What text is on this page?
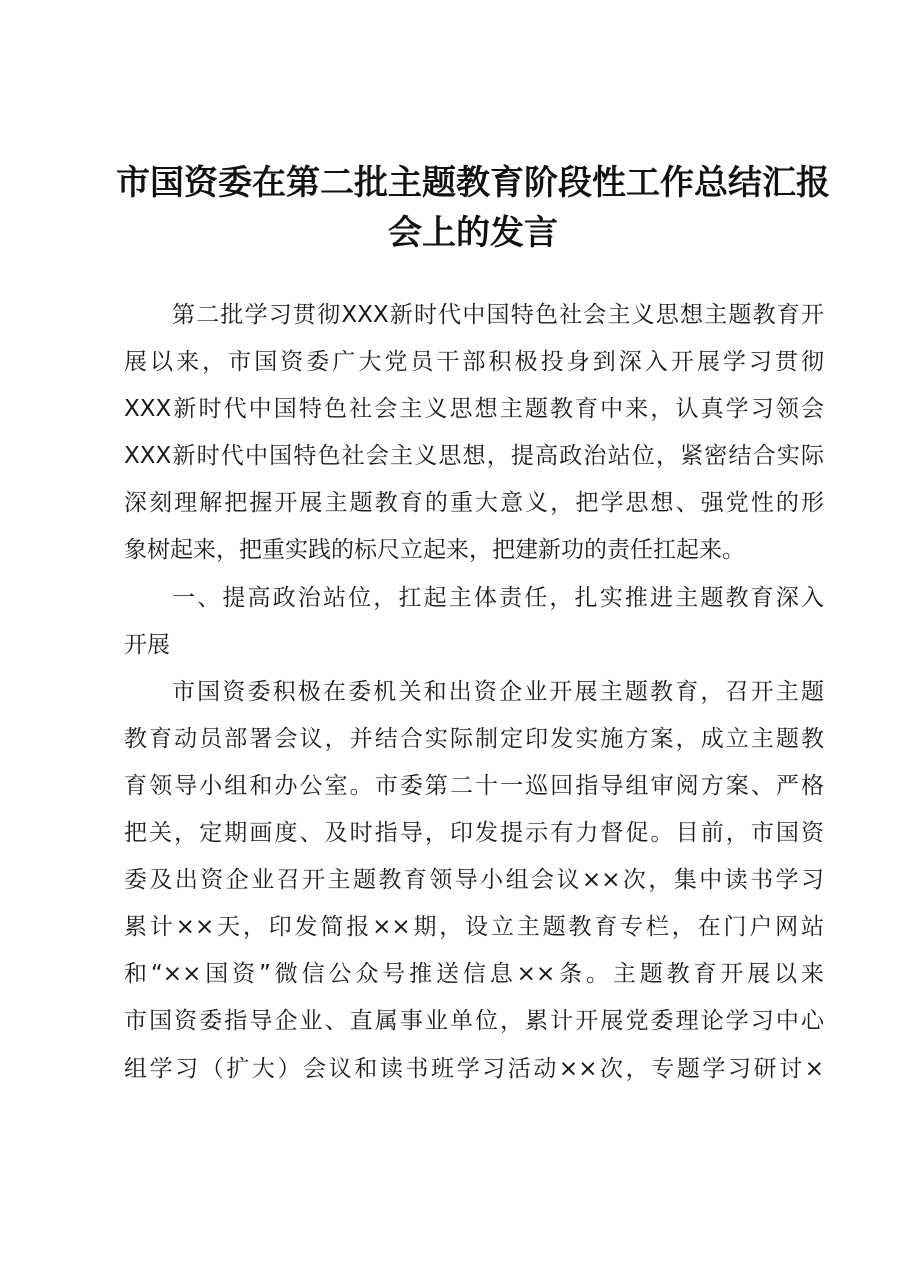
市国资委在第二批主题教育阶段性工作总结汇报
会上的发言
第二批学习贯彻XXX新时代中国特色社会主义思想主题教育开
展以来，市国资委广大党员干部积极投身到深入开展学习贯彻
XXX新时代中国特色社会主义思想主题教育中来，认真学习领会
XXX新时代中国特色社会主义思想，提高政治站位，紧密结合实际
深刻理解把握开展主题教育的重大意义，把学思想、强党性的形
象树起来，把重实践的标尺立起来，把建新功的责任扛起来。
一、提高政治站位，扛起主体责任，扎实推进主题教育深入
开展
市国资委积极在委机关和出资企业开展主题教育，召开主题
教育动员部署会议，并结合实际制定印发实施方案，成立主题教
育领导小组和办公室。市委第二十一巡回指导组审阅方案、严格
把关，定期画度、及时指导，印发提示有力督促。目前，市国资
委及出资企业召开主题教育领导小组会议××次，集中读书学习
累计××天，印发简报××期，设立主题教育专栏，在门户网站
和“××国资”微信公众号推送信息××条。主题教育开展以来
市国资委指导企业、直属事业单位，累计开展党委理论学习中心
组学习（扩大）会议和读书班学习活动××次，专题学习研讨×
